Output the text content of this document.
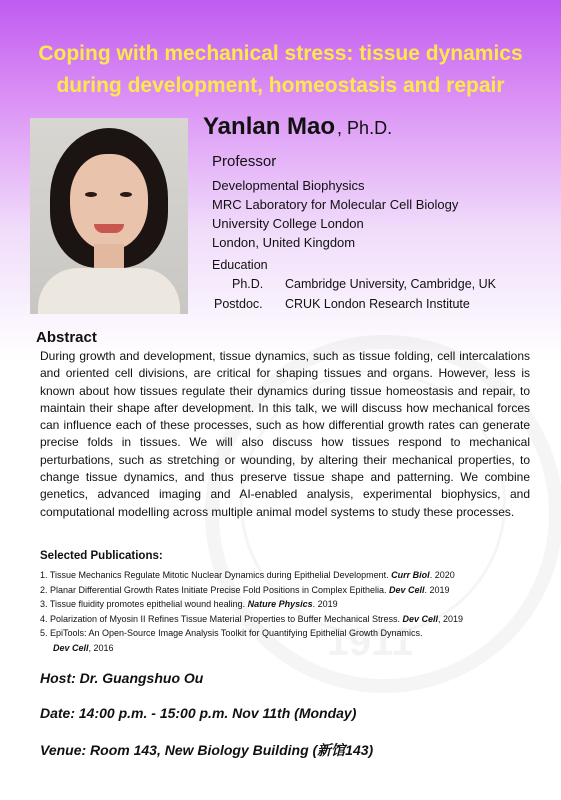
1911
Coping with mechanical stress: tissue dynamics
during development, homeostasis and repair
Yanlan Mao , Ph.D.
Professor
Developmental Biophysics
MRC Laboratory for Molecular Cell Biology
University College London
London, United Kingdom
Education
Ph.D. Cambridge University, Cambridge, UK
Postdoc. CRUK London Research Institute
Abstract
During growth and development, tissue dynamics, such as tissue folding, cell intercalations and oriented cell divisions, are critical for shaping tissues and organs. However, less is known about how tissues regulate their dynamics during tissue homeostasis and repair, to maintain their shape after development. In this talk, we will discuss how mechanical forces can influence each of these processes, such as how differential growth rates can generate precise folds in tissues. We will also discuss how tissues respond to mechanical perturbations, such as stretching or wounding, by altering their mechanical properties, to change tissue dynamics, and thus preserve tissue shape and patterning. We combine genetics, advanced imaging and AI-enabled analysis, experimental biophysics, and computational modelling across multiple animal model systems to study these processes.
Selected Publications:
1. Tissue Mechanics Regulate Mitotic Nuclear Dynamics during Epithelial Development. Curr Biol. 2020
2. Planar Differential Growth Rates Initiate Precise Fold Positions in Complex Epithelia. Dev Cell. 2019
3. Tissue fluidity promotes epithelial wound healing. Nature Physics. 2019
4. Polarization of Myosin II Refines Tissue Material Properties to Buffer Mechanical Stress. Dev Cell, 2019
5. EpiTools: An Open-Source Image Analysis Toolkit for Quantifying Epithelial Growth Dynamics.
Dev Cell, 2016
Host: Dr. Guangshuo Ou
Date: 14:00 p.m. - 15:00 p.m. Nov 11th (Monday)
Venue: Room 143, New Biology Building (新馆143)
